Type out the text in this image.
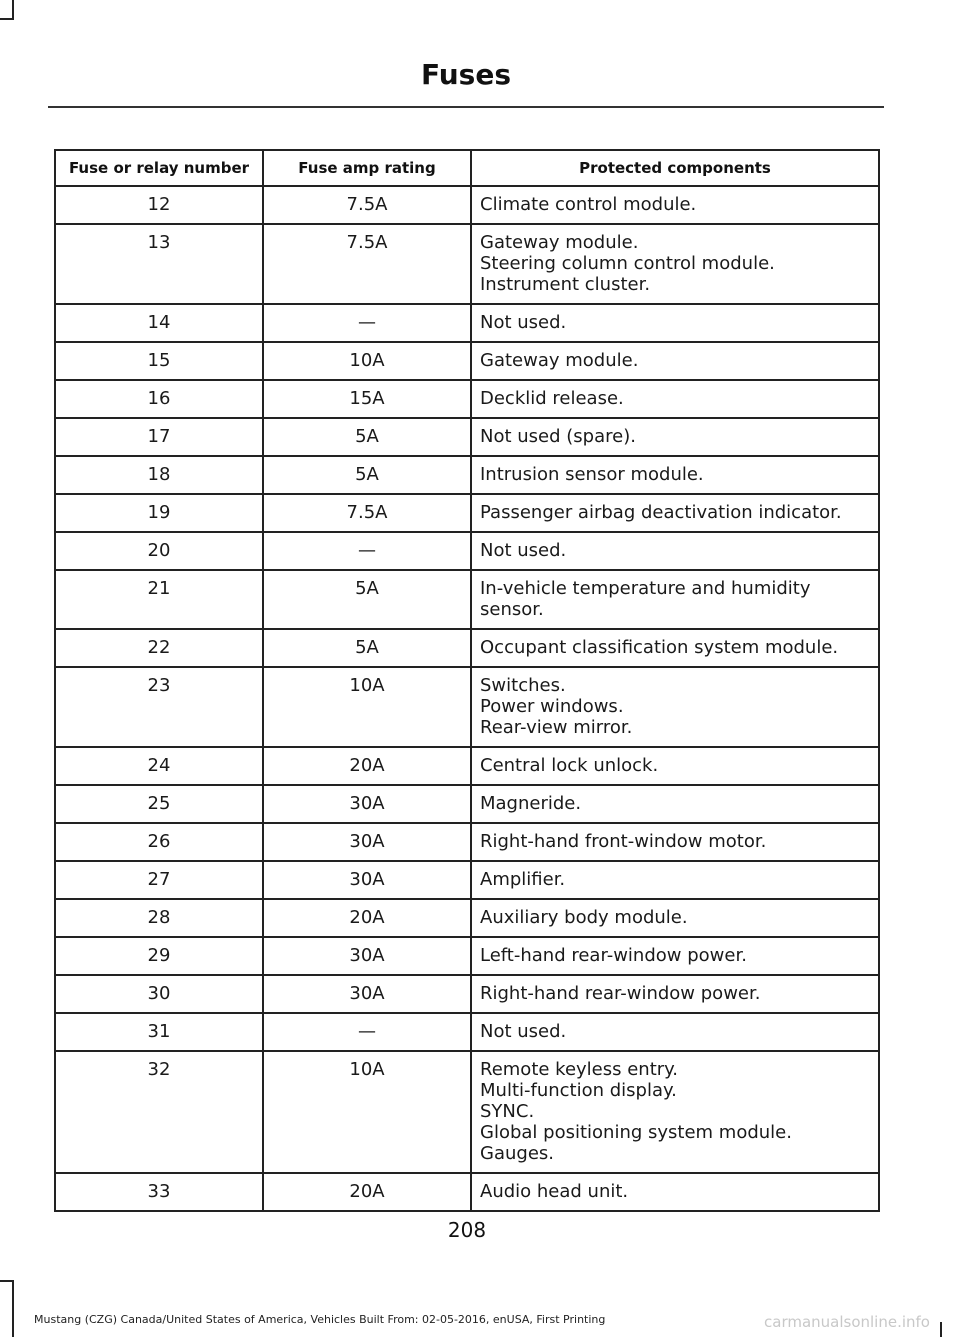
Fuses
Fuse or relay number	Fuse amp rating	Protected components
12	7.5A	Climate control module.

13	7.5A	Gateway module.
Steering column control module.
Instrument cluster.

14	—	Not used.

15	10A	Gateway module.

16	15A	Decklid release.

17	5A	Not used (spare).

18	5A	Intrusion sensor module.

19	7.5A	Passenger airbag deactivation indicator.

20	—	Not used.

21	5A	In-vehicle temperature and humidity
sensor.

22	5A	Occupant classification system module.

23	10A	Switches.
Power windows.
Rear-view mirror.

24	20A	Central lock unlock.

25	30A	Magneride.

26	30A	Right-hand front-window motor.

27	30A	Amplifier.

28	20A	Auxiliary body module.

29	30A	Left-hand rear-window power.

30	30A	Right-hand rear-window power.

31	—	Not used.

32	10A	Remote keyless entry.
Multi-function display.
SYNC.
Global positioning system module.
Gauges.

33	20A	Audio head unit.
208
Mustang (CZG) Canada/United States of America, Vehicles Built From: 02-05-2016, enUSA, First Printing	carmanualsonline.info
